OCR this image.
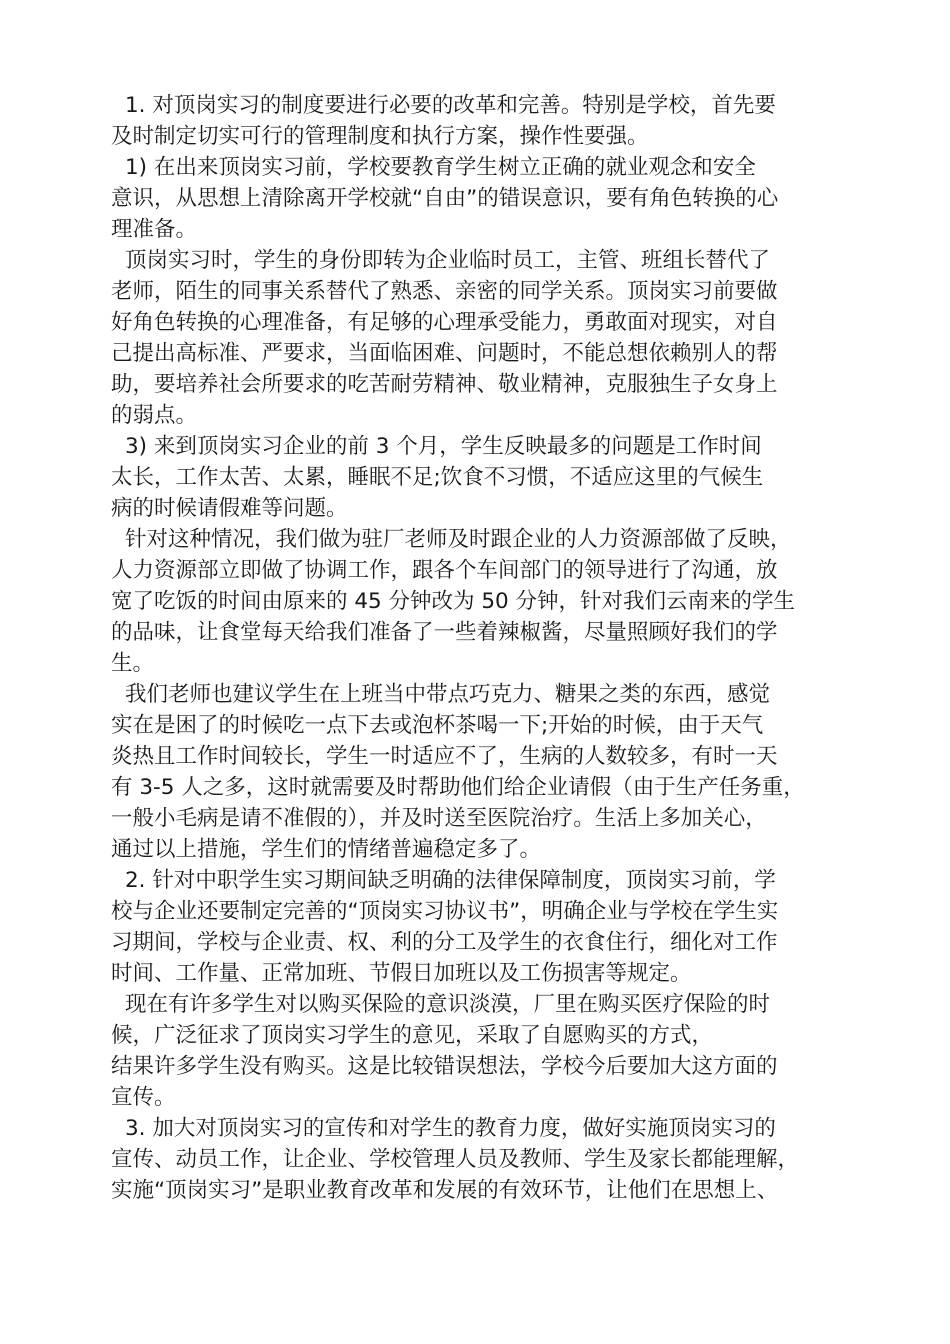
1. 对顶岗实习的制度要进行必要的改革和完善。特别是学校，首先要
及时制定切实可行的管理制度和执行方案，操作性要强。
1) 在出来顶岗实习前，学校要教育学生树立正确的就业观念和安全
意识，从思想上清除离开学校就“自由”的错误意识，要有角色转换的心
理准备。
顶岗实习时，学生的身份即转为企业临时员工，主管、班组长替代了
老师，陌生的同事关系替代了熟悉、亲密的同学关系。顶岗实习前要做
好角色转换的心理准备，有足够的心理承受能力，勇敢面对现实，对自
己提出高标准、严要求，当面临困难、问题时，不能总想依赖别人的帮
助，要培养社会所要求的吃苦耐劳精神、敬业精神，克服独生子女身上
的弱点。
3) 来到顶岗实习企业的前 3 个月，学生反映最多的问题是工作时间
太长，工作太苦、太累，睡眠不足;饮食不习惯，不适应这里的气候生
病的时候请假难等问题。
针对这种情况，我们做为驻厂老师及时跟企业的人力资源部做了反映，
人力资源部立即做了协调工作，跟各个车间部门的领导进行了沟通，放
宽了吃饭的时间由原来的 45 分钟改为 50 分钟，针对我们云南来的学生
的品味，让食堂每天给我们准备了一些着辣椒酱，尽量照顾好我们的学
生。
我们老师也建议学生在上班当中带点巧克力、糖果之类的东西，感觉
实在是困了的时候吃一点下去或泡杯茶喝一下;开始的时候，由于天气
炎热且工作时间较长，学生一时适应不了，生病的人数较多，有时一天
有 3-5 人之多，这时就需要及时帮助他们给企业请假（由于生产任务重，
一般小毛病是请不准假的），并及时送至医院治疗。生活上多加关心，
通过以上措施，学生们的情绪普遍稳定多了。
2. 针对中职学生实习期间缺乏明确的法律保障制度，顶岗实习前，学
校与企业还要制定完善的“顶岗实习协议书”，明确企业与学校在学生实
习期间，学校与企业责、权、利的分工及学生的衣食住行，细化对工作
时间、工作量、正常加班、节假日加班以及工伤损害等规定。
现在有许多学生对以购买保险的意识淡漠，厂里在购买医疗保险的时
候，广泛征求了顶岗实习学生的意见，采取了自愿购买的方式，
结果许多学生没有购买。这是比较错误想法，学校今后要加大这方面的
宣传。
3. 加大对顶岗实习的宣传和对学生的教育力度，做好实施顶岗实习的
宣传、动员工作，让企业、学校管理人员及教师、学生及家长都能理解，
实施“顶岗实习”是职业教育改革和发展的有效环节，让他们在思想上、
